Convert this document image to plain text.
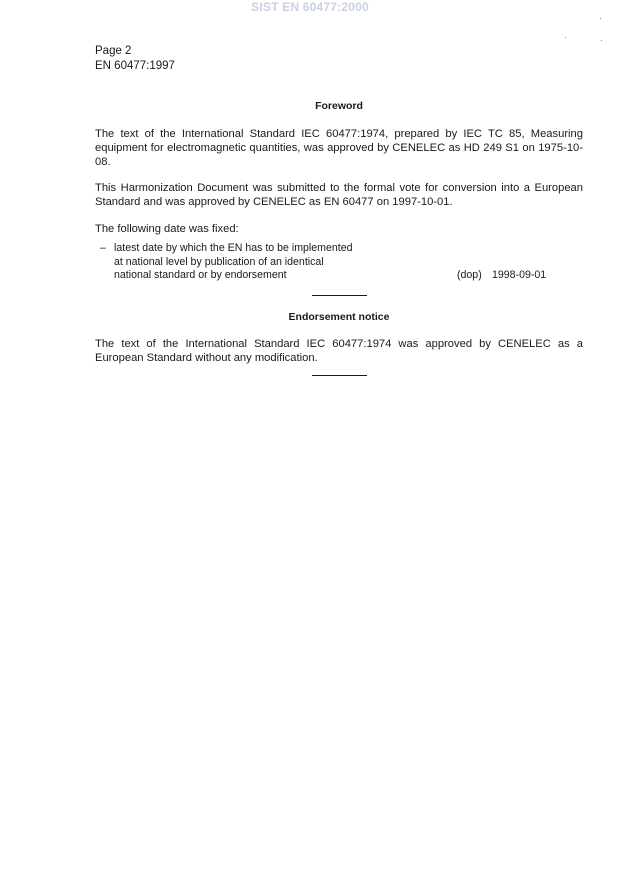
SIST EN 60477:2000
Page 2
EN 60477:1997
Foreword
The text of the International Standard IEC 60477:1974, prepared by IEC TC 85, Measuring equipment for electromagnetic quantities, was approved by CENELEC as HD 249 S1 on 1975-10-08.
This Harmonization Document was submitted to the formal vote for conversion into a European Standard and was approved by CENELEC as EN 60477 on 1997-10-01.
The following date was fixed:
– latest date by which the EN has to be implemented
at national level by publication of an identical
national standard or by endorsement	(dop) 1998-09-01
Endorsement notice
The text of the International Standard IEC 60477:1974 was approved by CENELEC as a European Standard without any modification.
